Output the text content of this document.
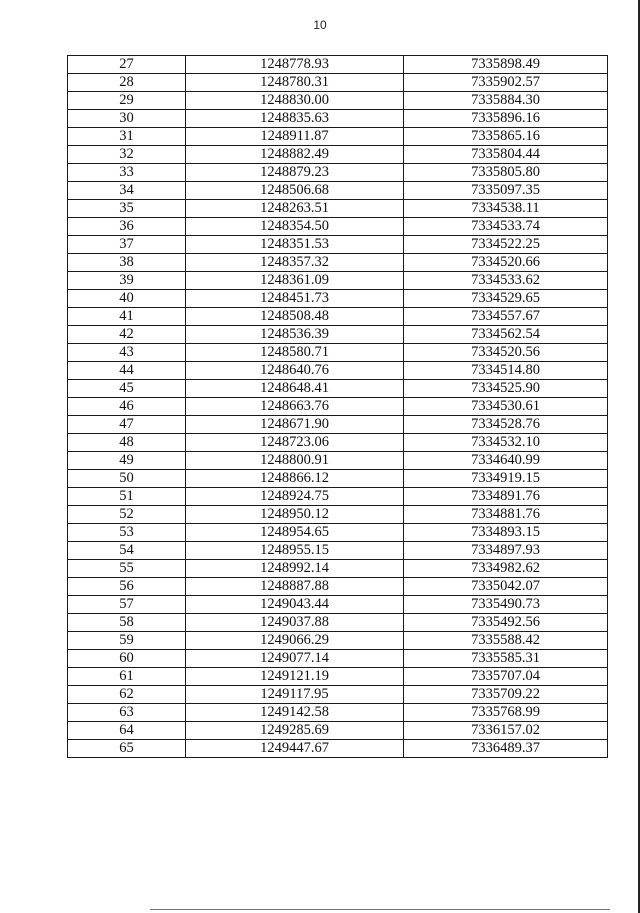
10
27	1248778.93	7335898.49
28	1248780.31	7335902.57
29	1248830.00	7335884.30
30	1248835.63	7335896.16
31	1248911.87	7335865.16
32	1248882.49	7335804.44
33	1248879.23	7335805.80
34	1248506.68	7335097.35
35	1248263.51	7334538.11
36	1248354.50	7334533.74
37	1248351.53	7334522.25
38	1248357.32	7334520.66
39	1248361.09	7334533.62
40	1248451.73	7334529.65
41	1248508.48	7334557.67
42	1248536.39	7334562.54
43	1248580.71	7334520.56
44	1248640.76	7334514.80
45	1248648.41	7334525.90
46	1248663.76	7334530.61
47	1248671.90	7334528.76
48	1248723.06	7334532.10
49	1248800.91	7334640.99
50	1248866.12	7334919.15
51	1248924.75	7334891.76
52	1248950.12	7334881.76
53	1248954.65	7334893.15
54	1248955.15	7334897.93
55	1248992.14	7334982.62
56	1248887.88	7335042.07
57	1249043.44	7335490.73
58	1249037.88	7335492.56
59	1249066.29	7335588.42
60	1249077.14	7335585.31
61	1249121.19	7335707.04
62	1249117.95	7335709.22
63	1249142.58	7335768.99
64	1249285.69	7336157.02
65	1249447.67	7336489.37
